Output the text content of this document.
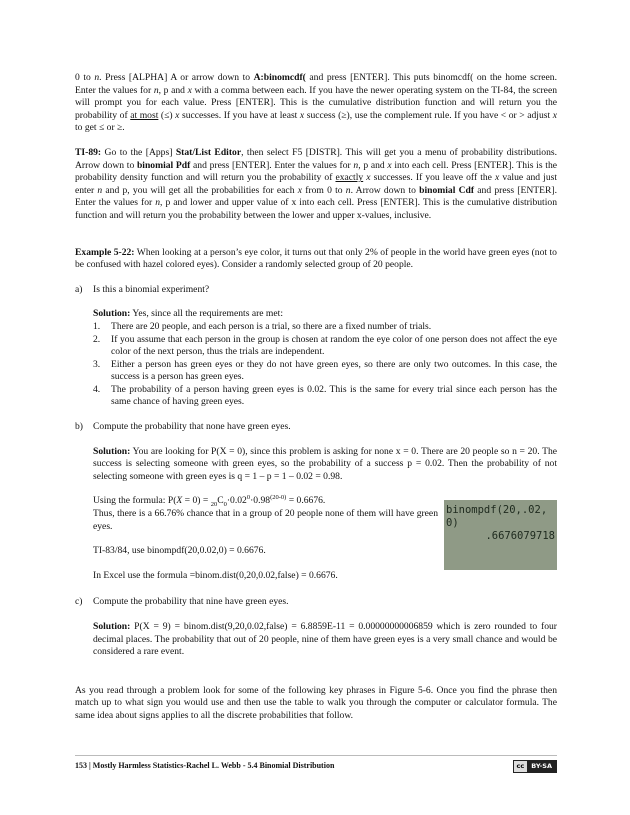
0 to n. Press [ALPHA] A or arrow down to A:binomcdf( and press [ENTER]. This puts binomcdf( on the home screen. Enter the values for n, p and x with a comma between each. If you have the newer operating system on the TI-84, the screen will prompt you for each value. Press [ENTER]. This is the cumulative distribution function and will return you the probability of at most (≤) x successes. If you have at least x success (≥), use the complement rule. If you have < or > adjust x to get ≤ or ≥.

TI-89: Go to the [Apps] Stat/List Editor, then select F5 [DISTR]. This will get you a menu of probability distributions. Arrow down to binomial Pdf and press [ENTER]. Enter the values for n, p and x into each cell. Press [ENTER]. This is the probability density function and will return you the probability of exactly x successes. If you leave off the x value and just enter n and p, you will get all the probabilities for each x from 0 to n. Arrow down to binomial Cdf and press [ENTER]. Enter the values for n, p and lower and upper value of x into each cell. Press [ENTER]. This is the cumulative distribution function and will return you the probability between the lower and upper x-values, inclusive.

Example 5-22: When looking at a person’s eye color, it turns out that only 2% of people in the world have green eyes (not to be confused with hazel colored eyes). Consider a randomly selected group of 20 people.

a) Is this a binomial experiment?

Solution: Yes, since all the requirements are met:

1. There are 20 people, and each person is a trial, so there are a fixed number of trials.
2. If you assume that each person in the group is chosen at random the eye color of one person does not affect the eye color of the next person, thus the trials are independent.
3. Either a person has green eyes or they do not have green eyes, so there are only two outcomes. In this case, the success is a person has green eyes.
4. The probability of a person having green eyes is 0.02. This is the same for every trial since each person has the same chance of having green eyes.
b) Compute the probability that none have green eyes.

Solution: You are looking for P(X = 0), since this problem is asking for none x = 0. There are 20 people so n = 20. The success is selecting someone with green eyes, so the probability of a success p = 0.02. Then the probability of not selecting someone with green eyes is q = 1 – p = 1 – 0.02 = 0.98.

Using the formula: $P(X = 0) = _{20}C_0\cdot 0.02^0\cdot 0.98^{(20-0)} = 0.6676$.

Thus, there is a 66.76% chance that in a group of 20 people none of them will have green eyes.

TI-83/84, use binompdf(20,0.02,0) = 0.6676.

In Excel use the formula =binom.dist(0,20,0.02,false) = 0.6676.

binompdf(20,.02,
0)
.6676079718
c) Compute the probability that nine have green eyes.

Solution: P(X = 9) = binom.dist(9,20,0.02,false) = 6.8859E-11 = 0.00000000006859 which is zero rounded to four decimal places. The probability that out of 20 people, nine of them have green eyes is a very small chance and would be considered a rare event.

As you read through a problem look for some of the following key phrases in Figure 5-6. Once you find the phrase then match up to what sign you would use and then use the table to walk you through the computer or calculator formula. The same idea about signs applies to all the discrete probabilities that follow.

153 | Mostly Harmless Statistics-Rachel L. Webb - 5.4 Binomial Distribution	cc	BY-SA
